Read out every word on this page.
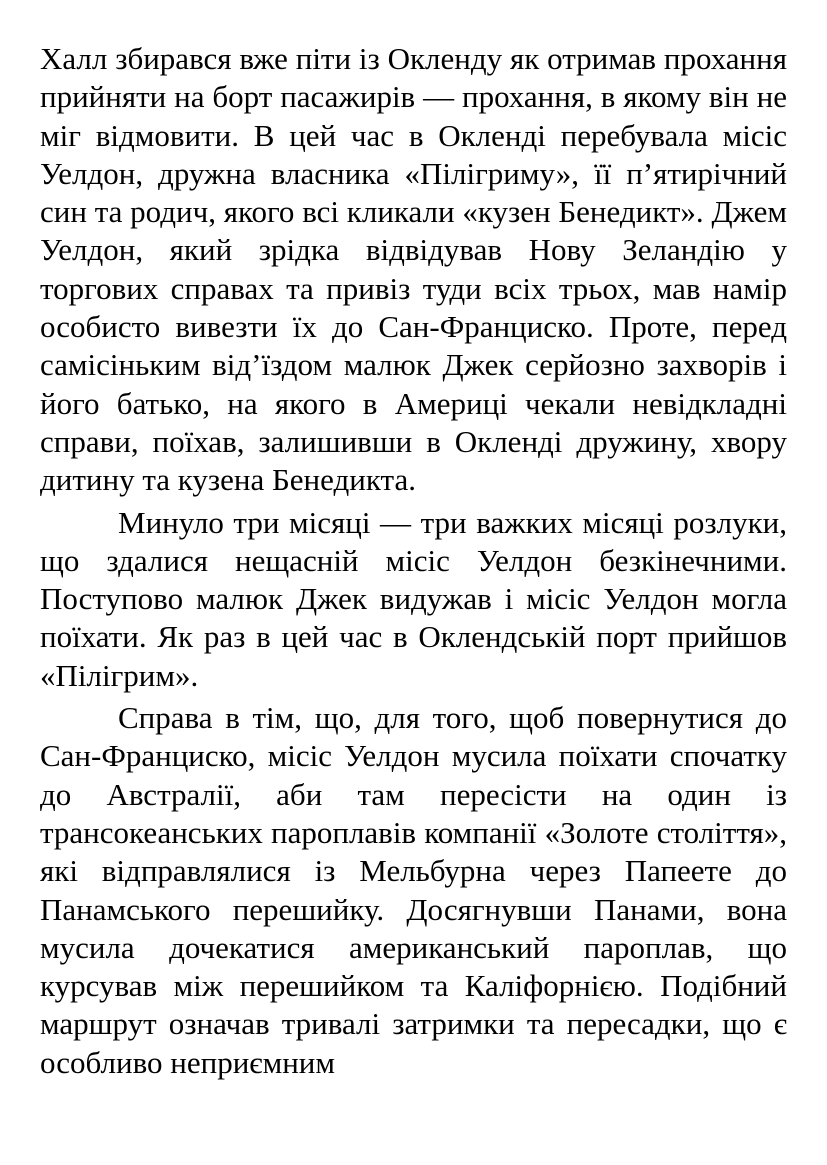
Халл збирався вже піти із Окленду як отримав прохання прийняти на борт пасажирів — прохання, в якому він не міг відмовити. В цей час в Окленді перебувала місіс Уелдон, дружна власника «Пілігриму», її п’ятирічний син та родич, якого всі кликали «кузен Бенедикт». Джем Уелдон, який зрідка відвідував Нову Зеландію у торгових справах та привіз туди всіх трьох, мав намір особисто вивезти їх до Сан-Франциско. Проте, перед самісіньким від’їздом малюк Джек серйозно захворів і його батько, на якого в Америці чекали невідкладні справи, поїхав, залишивши в Окленді дружину, хвору дитину та кузена Бенедикта.

Минуло три місяці — три важких місяці розлуки, що здалися нещасній місіс Уелдон безкінечними. Поступово малюк Джек видужав і місіс Уелдон могла поїхати. Як раз в цей час в Оклендській порт прийшов «Пілігрим».

Справа в тім, що, для того, щоб повернутися до Сан-Франциско, місіс Уелдон мусила поїхати спочатку до Австралії, аби там пересісти на один із трансокеанських пароплавів компанії «Золоте століття», які відправлялися із Мельбурна через Папеете до Панамського перешийку. Досягнувши Панами, вона мусила дочекатися американський пароплав, що курсував між перешийком та Каліфорнією. Подібний маршрут означав тривалі затримки та пересадки, що є особливо неприємним
